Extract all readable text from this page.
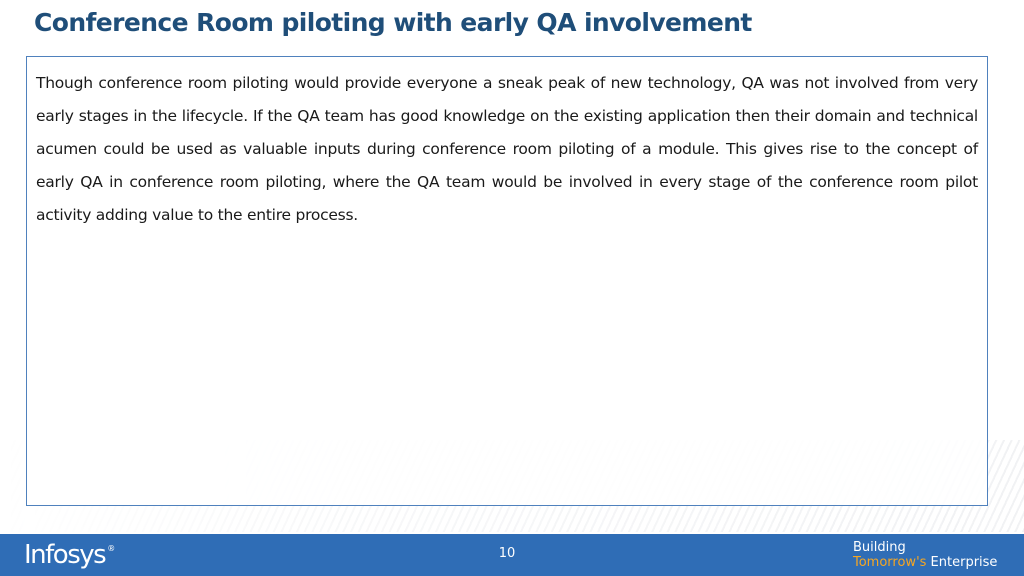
Conference Room piloting with early QA involvement

Though conference room piloting would provide everyone a sneak peak of new technology, QA was not involved from very early stages in the lifecycle. If the QA team has good knowledge on the existing application then their domain and technical acumen could be used as valuable inputs during conference room piloting of a module. This gives rise to the concept of early QA in conference room piloting, where the QA team would be involved in every stage of the conference room pilot activity adding value to the entire process.

Infosys ®	10	Building
Tomorrow's Enterprise
